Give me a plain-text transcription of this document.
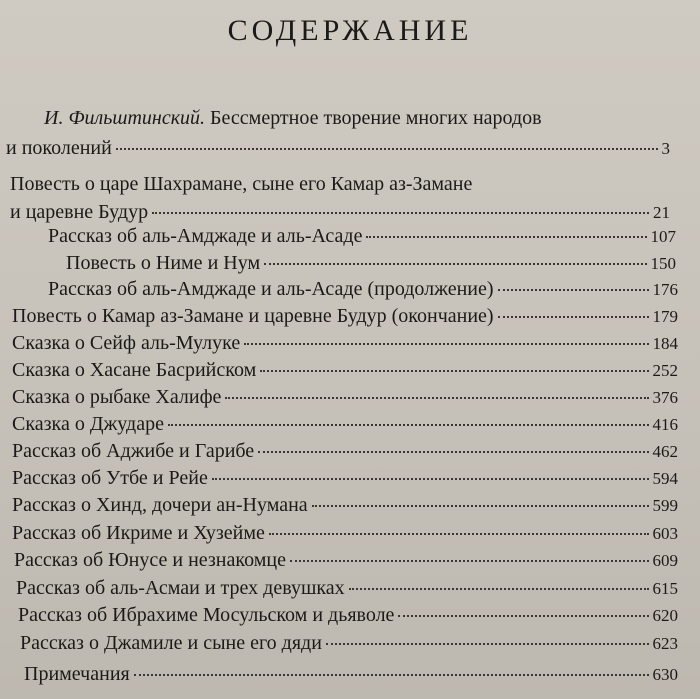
СОДЕРЖАНИЕ
И. Фильштинский. Бессмертное творение многих народов
и поколений	3
Повесть о царе Шахрамане, сыне его Камар аз-Замане
и царевне Будур	21
Рассказ об аль-Амджаде и аль-Асаде	107
Повесть о Ниме и Нум	150
Рассказ об аль-Амджаде и аль-Асаде (продолжение)	176
Повесть о Камар аз-Замане и царевне Будур (окончание)	179
Сказка о Сейф аль-Мулуке	184
Сказка о Хасане Басрийском	252
Сказка о рыбаке Халифе	376
Сказка о Джударе	416
Рассказ об Аджибе и Гарибе	462
Рассказ об Утбе и Рейе	594
Рассказ о Хинд, дочери ан-Нумана	599
Рассказ об Икриме и Хузейме	603
Рассказ об Юнусе и незнакомце	609
Рассказ об аль-Асмаи и трех девушках	615
Рассказ об Ибрахиме Мосульском и дьяволе	620
Рассказ о Джамиле и сыне его дяди	623
Примечания	630
